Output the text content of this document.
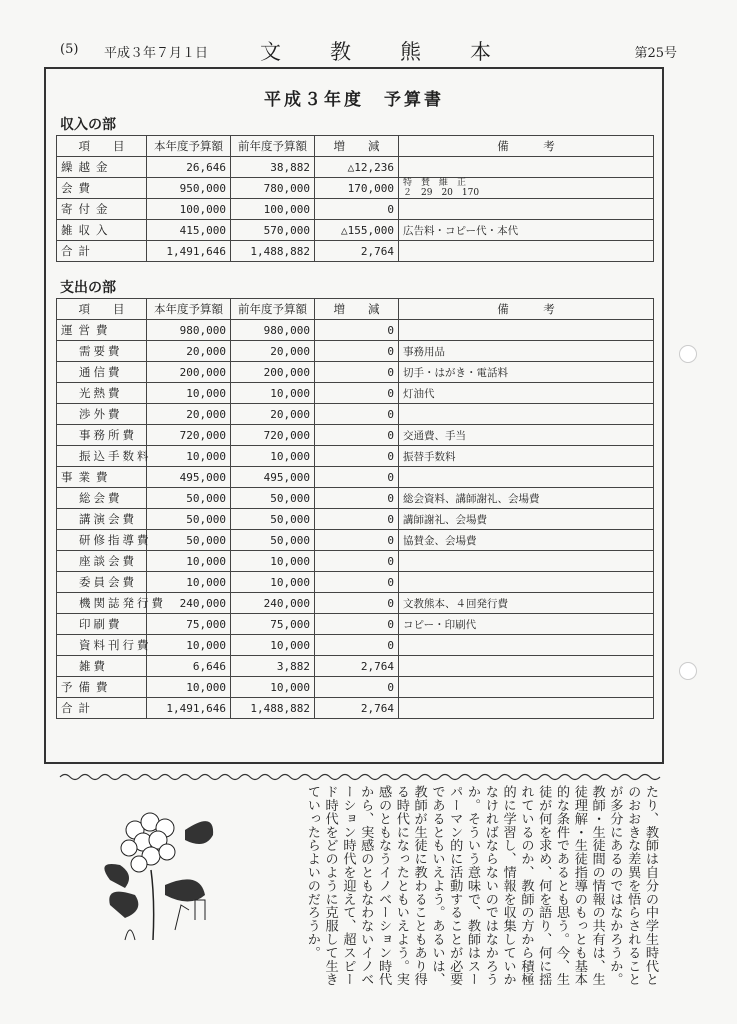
(5) 平成３年７月１日 文　教　熊　本	第25号
平成３年度　予算書
収入の部
項　　目	本年度予算額	前年度予算額	増　　減	備　　　考
繰越金	26,646	38,882	△12,236	
会費	950,000	780,000	170,000	特　賛　維　正
２　29　20　170

寄付金	100,000	100,000	0	
雑収入	415,000	570,000	△155,000	広告料・コピー代・本代
合計	1,491,646	1,488,882	2,764	
支出の部
項　　目	本年度予算額	前年度予算額	増　　減	備　　　考
運営費	980,000	980,000	0	
需要費	20,000	20,000	0	事務用品
通信費	200,000	200,000	0	切手・はがき・電話料
光熱費	10,000	10,000	0	灯油代
渉外費	20,000	20,000	0	
事務所費	720,000	720,000	0	交通費、手当
振込手数料	10,000	10,000	0	振替手数料
事業費	495,000	495,000	0	
総会費	50,000	50,000	0	総会資料、講師謝礼、会場費
講演会費	50,000	50,000	0	講師謝礼、会場費
研修指導費	50,000	50,000	0	協賛金、会場費
座談会費	10,000	10,000	0	
委員会費	10,000	10,000	0	
機関誌発行費	240,000	240,000	0	文教熊本、４回発行費
印刷費	75,000	75,000	0	コピー・印刷代
資料刊行費	10,000	10,000	0	
雑費	6,646	3,882	2,764	
予備費	10,000	10,000	0	
合計	1,491,646	1,488,882	2,764	
たり、教師は自分の中学生時代とのおおきな差異を悟らされることが多分にあるのではなかろうか。教師・生徒間の情報の共有は、生徒理解・生徒指導のもっとも基本的な条件であるとも思う。今、生徒が何を求め、何を語り、何に揺れているのか、教師の方から積極的に学習し、情報を収集していかなければならないのではなかろうか。そういう意味で、教師はスーパーマン的に活動することが必要であるともいえよう。あるいは、教師が生徒に教わることもあり得る時代になったともいえよう。実感のともなうイノベーション時代から、実感のともなわないイノベーション時代を迎えて、超スピード時代をどのように克服して生きていったらよいのだろうか。
